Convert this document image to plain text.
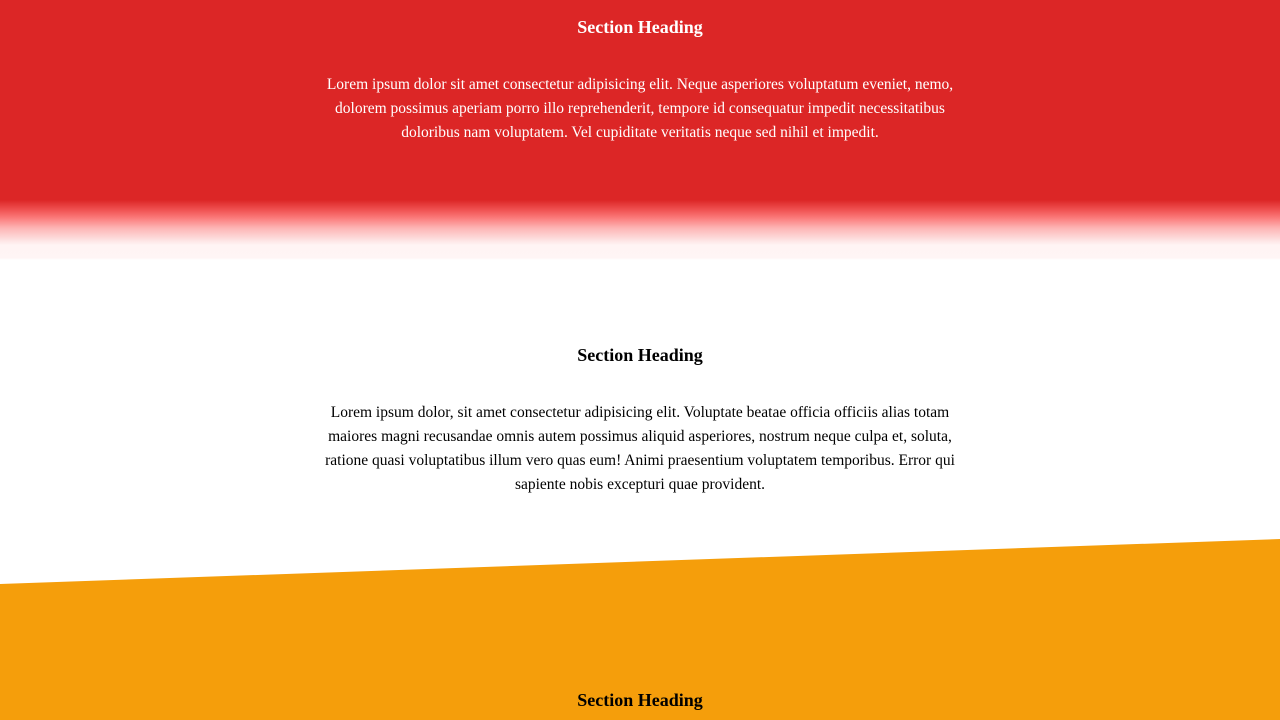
Section Heading

Lorem ipsum dolor sit amet consectetur adipisicing elit. Neque asperiores voluptatum eveniet, nemo, dolorem possimus aperiam porro illo reprehenderit, tempore id consequatur impedit necessitatibus doloribus nam voluptatem. Vel cupiditate veritatis neque sed nihil et impedit.

Section Heading

Lorem ipsum dolor, sit amet consectetur adipisicing elit. Voluptate beatae officia officiis alias totam maiores magni recusandae omnis autem possimus aliquid asperiores, nostrum neque culpa et, soluta, ratione quasi voluptatibus illum vero quas eum! Animi praesentium voluptatem temporibus. Error qui sapiente nobis excepturi quae provident.

Section Heading
